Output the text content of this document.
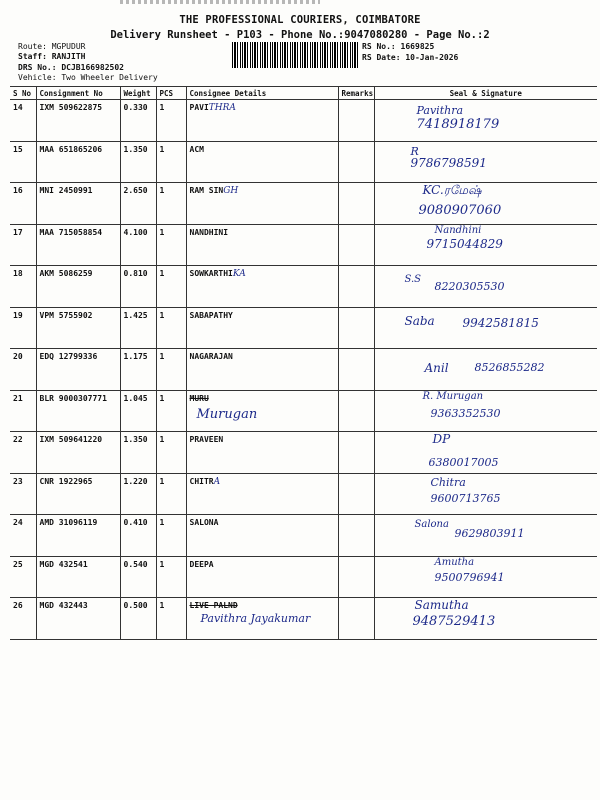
THE PROFESSIONAL COURIERS, COIMBATORE
Delivery Runsheet - P103 - Phone No.:9047080280 - Page No.:2
Route: MGPUDUR
Staff: RANJITH
DRS No.: DCJB166982502
Vehicle: Two Wheeler Delivery
RS No.: 1669825
RS Date: 10-Jan-2026
S No	Consignment No	Weight	PCS	Consignee Details	Remarks	Seal & Signature
14	IXM 509622875	0.330	1	PAVITHRA		Pavithra
7418918179

15	MAA 651865206	1.350	1	ACM		R
9786798591

16	MNI 2450991	2.650	1	RAM SINGH		KC.ரமேஷ்
9080907060

17	MAA 715058854	4.100	1	NANDHINI		Nandhini
9715044829

18	AKM 5086259	0.810	1	SOWKARTHIKA		S.S
8220305530

19	VPM 5755902	1.425	1	SABAPATHY		Saba 9942581815

20	EDQ 12799336	1.175	1	NAGARAJAN		Anil 8526855282

21	BLR 9000307771	1.045	1	MURU
Murugan		R. Murugan
9363352530

22	IXM 509641220	1.350	1	PRAVEEN		DP
6380017005

23	CNR 1922965	1.220	1	CHITRA		Chitra
9600713765

24	AMD 31096119	0.410	1	SALONA		Salona
9629803911

25	MGD 432541	0.540	1	DEEPA		Amutha
9500796941

26	MGD 432443	0.500	1	LIVE PALND
Pavithra Jayakumar		Samutha
9487529413
